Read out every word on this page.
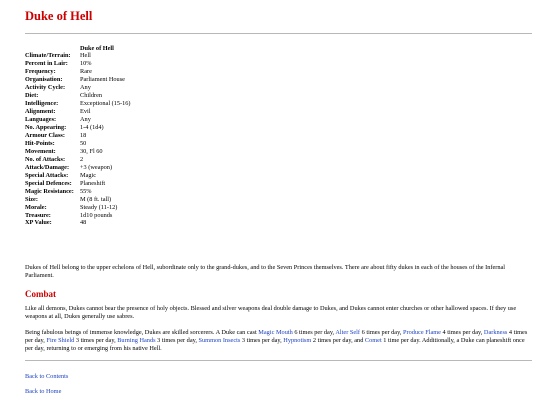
Duke of Hell
	Duke of Hell
Climate/Terrain:	Hell
Percent in Lair:	10%
Frequency:	Rare
Organisation:	Parliament House
Activity Cycle:	Any
Diet:	Children
Intelligence:	Exceptional (15-16)
Alignment:	Evil
Languages:	Any
No. Appearing:	1-4 (1d4)
Armour Class:	18
Hit-Points:	50
Movement:	30, Fl 60
No. of Attacks:	2
Attack/Damage:	+3 (weapon)
Special Attacks:	Magic
Special Defences:	Planeshift
Magic Resistance:	55%
Size:	M (8 ft. tall)
Morale:	Steady (11-12)
Treasure:	1d10 pounds
XP Value:	48

Dukes of Hell belong to the upper echelons of Hell, subordinate only to the grand-dukes, and to the Seven Princes themselves. There are about fifty dukes in each of the houses of the Infernal Parliament.

Combat

Like all demons, Dukes cannot bear the presence of holy objects. Blessed and silver weapons deal double damage to Dukes, and Dukes cannot enter churches or other hallowed spaces. If they use weapons at all, Dukes generally use sabres.

Being fabulous beings of immense knowledge, Dukes are skilled sorcerers. A Duke can cast Magic Mouth 6 times per day, Alter Self 6 times per day, Produce Flame 4 times per day, Darkness 4 times per day, Fire Shield 3 times per day, Burning Hands 3 times per day, Summon Insects 3 times per day, Hypnotism 2 times per day, and Comet 1 time per day. Additionally, a Duke can planeshift once per day, returning to or emerging from his native Hell.

Back to Contents
Back to Home
